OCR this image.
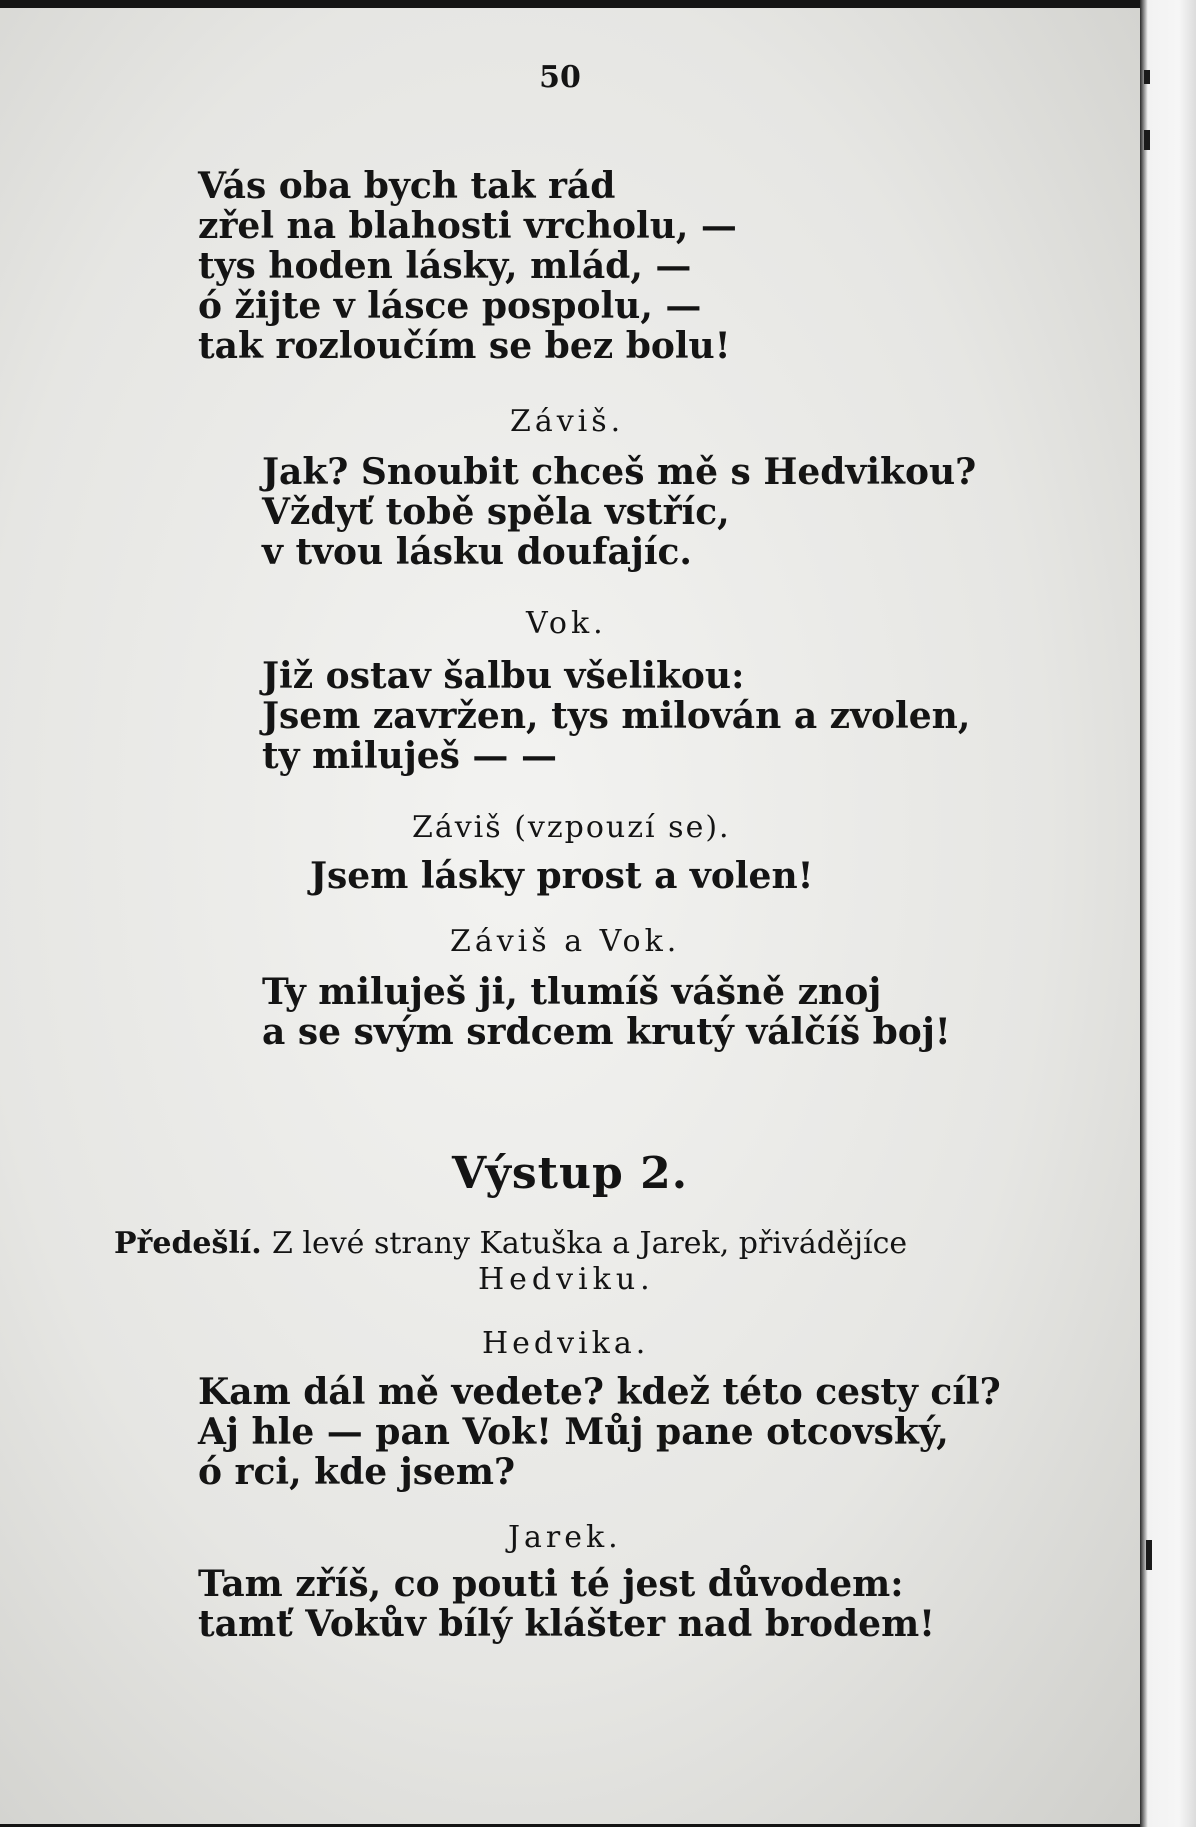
50
Vás oba bych tak rád
zřel na blahosti vrcholu, —
tys hoden lásky, mlád, —
ó žijte v lásce pospolu, —
tak rozloučím se bez bolu!
Záviš.
Jak? Snoubit chceš mě s Hedvikou?
Vždyť tobě spěla vstříc,
v tvou lásku doufajíc.
Vok.
Již ostav šalbu všelikou:
Jsem zavržen, tys milován a zvolen,
ty miluješ — —
Záviš (vzpouzí se).
Jsem lásky prost a volen!
Záviš a Vok.
Ty miluješ ji, tlumíš vášně znoj
a se svým srdcem krutý válčíš boj!
Výstup 2.
Předešlí. Z levé strany Katuška a Jarek, přivádějíce
Hedviku.
Hedvika.
Kam dál mě vedete? kdež této cesty cíl?
Aj hle — pan Vok! Můj pane otcovský,
ó rci, kde jsem?
Jarek.
Tam zříš, co pouti té jest důvodem:
tamť Vokův bílý klášter nad brodem!
